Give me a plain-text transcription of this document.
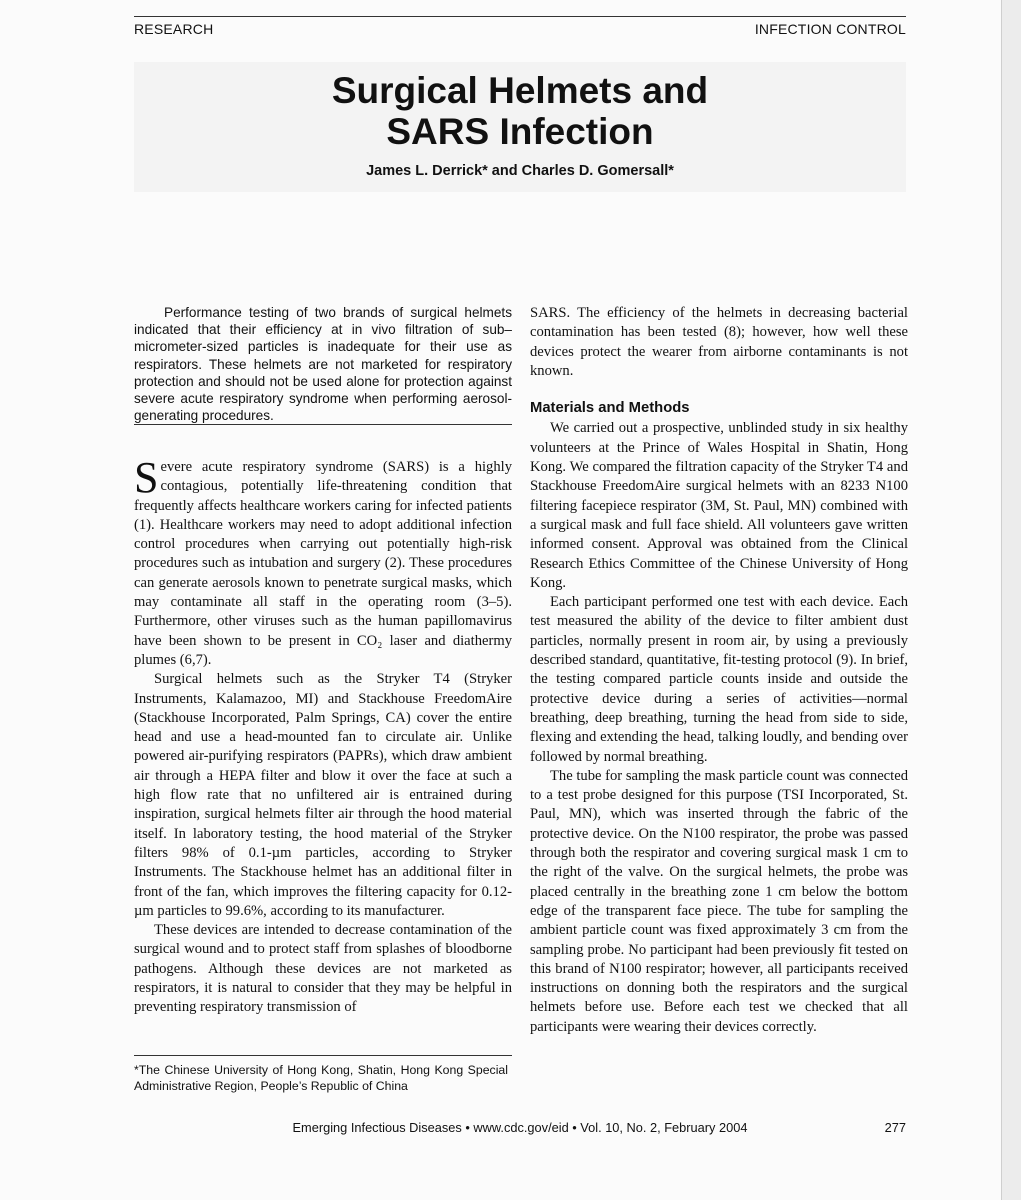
RESEARCH	INFECTION CONTROL
Surgical Helmets and
SARS Infection
James L. Derrick* and Charles D. Gomersall*
Performance testing of two brands of surgical helmets indicated that their efficiency at in vivo filtration of sub–micrometer-sized particles is inadequate for their use as respirators. These helmets are not marketed for respiratory protection and should not be used alone for protection against severe acute respiratory syndrome when performing aerosol-generating procedures.

Severe acute respiratory syndrome (SARS) is a highly contagious, potentially life-threatening condition that frequently affects healthcare workers caring for infected patients (1). Healthcare workers may need to adopt additional infection control procedures when carrying out potentially high-risk procedures such as intubation and surgery (2). These procedures can generate aerosols known to penetrate surgical masks, which may contaminate all staff in the operating room (3–5). Furthermore, other viruses such as the human papillomavirus have been shown to be present in CO₂ laser and diathermy plumes (6,7).

Surgical helmets such as the Stryker T4 (Stryker Instruments, Kalamazoo, MI) and Stackhouse FreedomAire (Stackhouse Incorporated, Palm Springs, CA) cover the entire head and use a head-mounted fan to circulate air. Unlike powered air-purifying respirators (PAPRs), which draw ambient air through a HEPA filter and blow it over the face at such a high flow rate that no unfiltered air is entrained during inspiration, surgical helmets filter air through the hood material itself. In laboratory testing, the hood material of the Stryker filters 98% of 0.1-µm particles, according to Stryker Instruments. The Stackhouse helmet has an additional filter in front of the fan, which improves the filtering capacity for 0.12-µm particles to 99.6%, according to its manufacturer.

These devices are intended to decrease contamination of the surgical wound and to protect staff from splashes of bloodborne pathogens. Although these devices are not marketed as respirators, it is natural to consider that they may be helpful in preventing respiratory transmission of

SARS. The efficiency of the helmets in decreasing bacterial contamination has been tested (8); however, how well these devices protect the wearer from airborne contaminants is not known.

Materials and Methods

We carried out a prospective, unblinded study in six healthy volunteers at the Prince of Wales Hospital in Shatin, Hong Kong. We compared the filtration capacity of the Stryker T4 and Stackhouse FreedomAire surgical helmets with an 8233 N100 filtering facepiece respirator (3M, St. Paul, MN) combined with a surgical mask and full face shield. All volunteers gave written informed consent. Approval was obtained from the Clinical Research Ethics Committee of the Chinese University of Hong Kong.

Each participant performed one test with each device. Each test measured the ability of the device to filter ambient dust particles, normally present in room air, by using a previously described standard, quantitative, fit-testing protocol (9). In brief, the testing compared particle counts inside and outside the protective device during a series of activities—normal breathing, deep breathing, turning the head from side to side, flexing and extending the head, talking loudly, and bending over followed by normal breathing.

The tube for sampling the mask particle count was connected to a test probe designed for this purpose (TSI Incorporated, St. Paul, MN), which was inserted through the fabric of the protective device. On the N100 respirator, the probe was passed through both the respirator and covering surgical mask 1 cm to the right of the valve. On the surgical helmets, the probe was placed centrally in the breathing zone 1 cm below the bottom edge of the transparent face piece. The tube for sampling the ambient particle count was fixed approximately 3 cm from the sampling probe. No participant had been previously fit tested on this brand of N100 respirator; however, all participants received instructions on donning both the respirators and the surgical helmets before use. Before each test we checked that all participants were wearing their devices correctly.

*The Chinese University of Hong Kong, Shatin, Hong Kong Special Administrative Region, People’s Republic of China
Emerging Infectious Diseases • www.cdc.gov/eid • Vol. 10, No. 2, February 2004	277
